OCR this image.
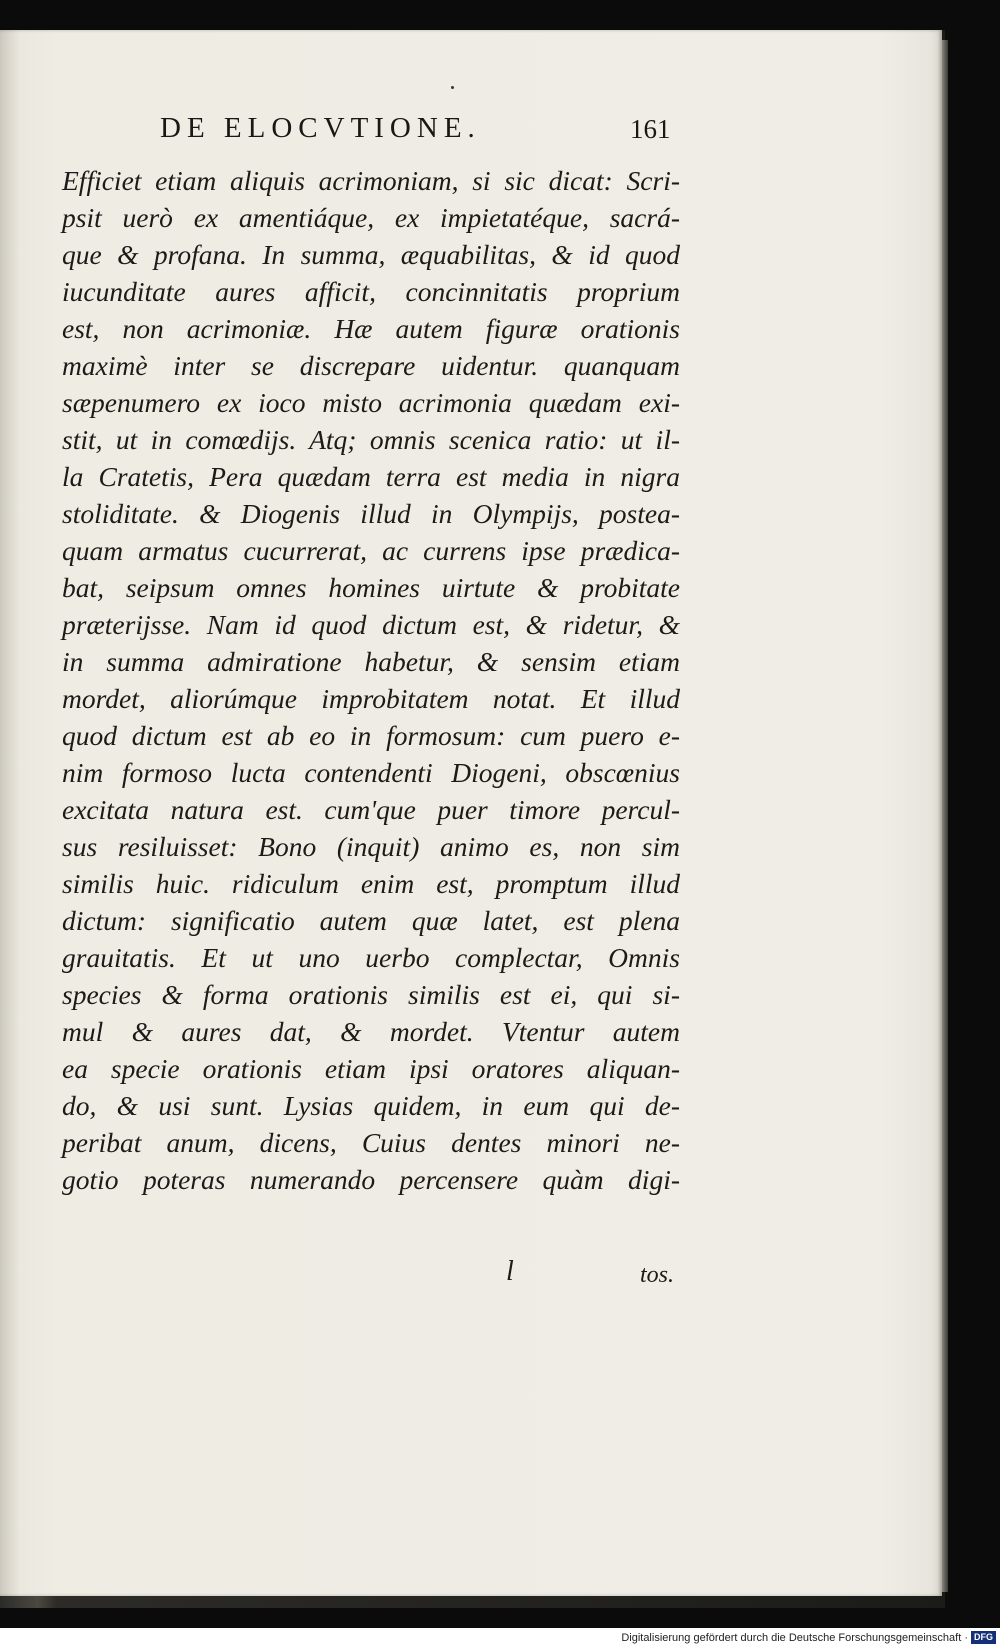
DE ELOCVTIONE.	161
Efficiet etiam aliquis acrimoniam, si sic dicat: Scri-
psit uerò ex amentiáque, ex impietatéque, sacrá-
que & profana. In summa, æquabilitas, & id quod
iucunditate aures afficit, concinnitatis proprium
est, non acrimoniæ. Hæ autem figuræ orationis
maximè inter se discrepare uidentur. quanquam
sæpenumero ex ioco misto acrimonia quædam exi-
stit, ut in comœdijs. Atq; omnis scenica ratio: ut il-
la Cratetis, Pera quædam terra est media in nigra
stoliditate. & Diogenis illud in Olympijs, postea-
quam armatus cucurrerat, ac currens ipse prædica-
bat, seipsum omnes homines uirtute & probitate
præterijsse. Nam id quod dictum est, & ridetur, &
in summa admiratione habetur, & sensim etiam
mordet, aliorúmque improbitatem notat. Et illud
quod dictum est ab eo in formosum: cum puero e-
nim formoso lucta contendenti Diogeni, obscœnius
excitata natura est. cum'que puer timore percul-
sus resiluisset: Bono (inquit) animo es, non sim
similis huic. ridiculum enim est, promptum illud
dictum: significatio autem quæ latet, est plena
grauitatis. Et ut uno uerbo complectar, Omnis
species & forma orationis similis est ei, qui si-
mul & aures dat, & mordet. Vtentur autem
ea specie orationis etiam ipsi oratores aliquan-
do, & usi sunt. Lysias quidem, in eum qui de-
peribat anum, dicens, Cuius dentes minori ne-
gotio poteras numerando percensere quàm digi-
l	tos.
Digitalisierung gefördert durch die Deutsche Forschungsgemeinschaft · DFG
